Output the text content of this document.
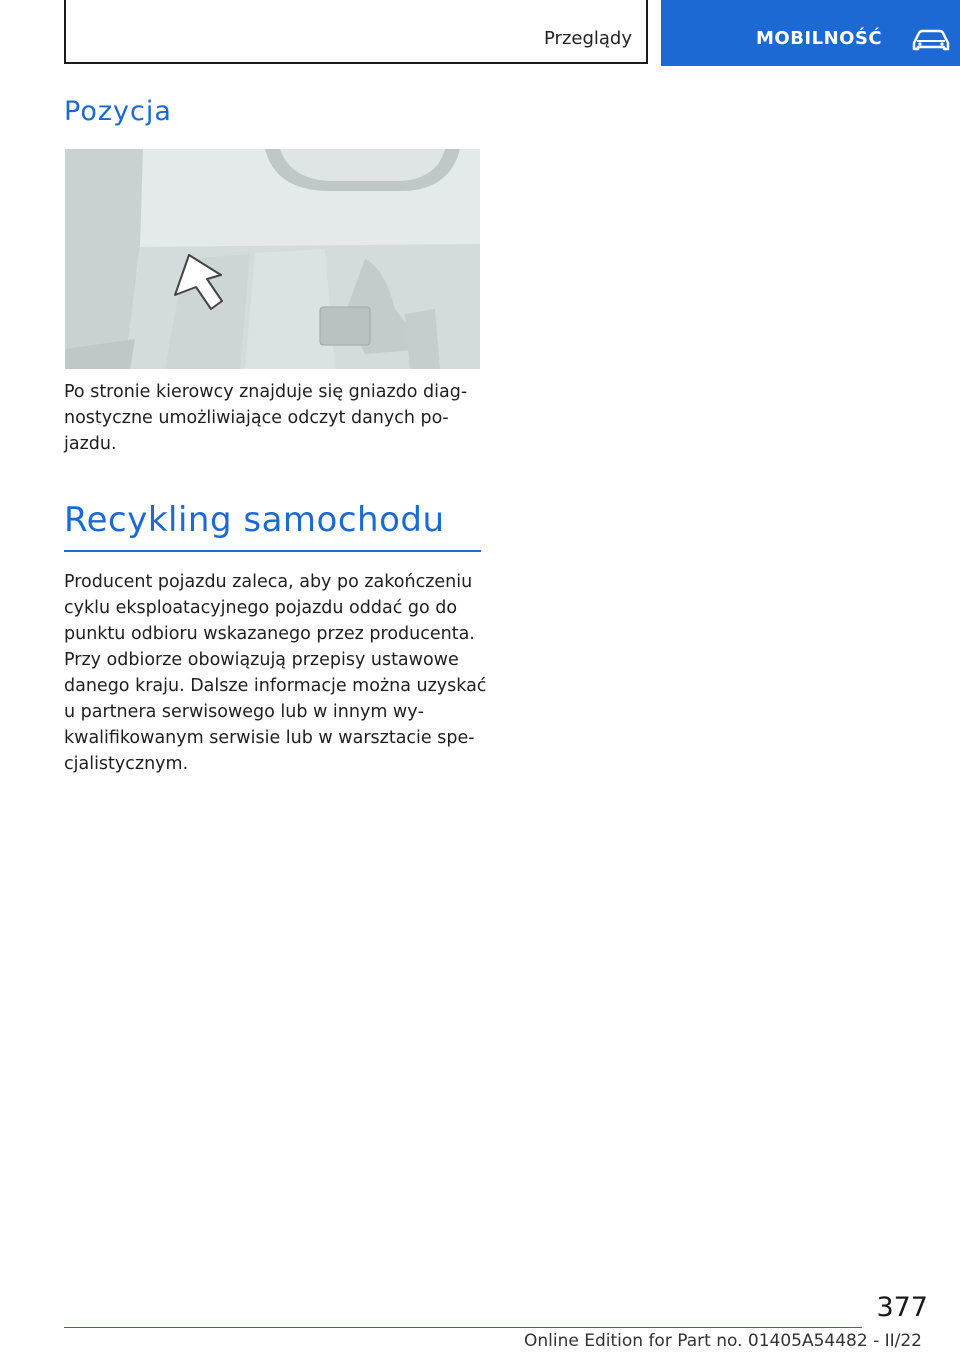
Przeglądy	MOBILNOŚĆ
Pozycja

Po stronie kierowcy znajduje się gniazdo diagnostyczne umożliwiające odczyt danych pojazdu.

Recykling samochodu

Producent pojazdu zaleca, aby po zakończeniu cyklu eksploatacyjnego pojazdu oddać go do punktu odbioru wskazanego przez producenta. Przy odbiorze obowiązują przepisy ustawowe danego kraju. Dalsze informacje można uzyskać u partnera serwisowego lub w innym wykwalifikowanym serwisie lub w warsztacie specjalistycznym.

377
Online Edition for Part no. 01405A54482 - II/22
